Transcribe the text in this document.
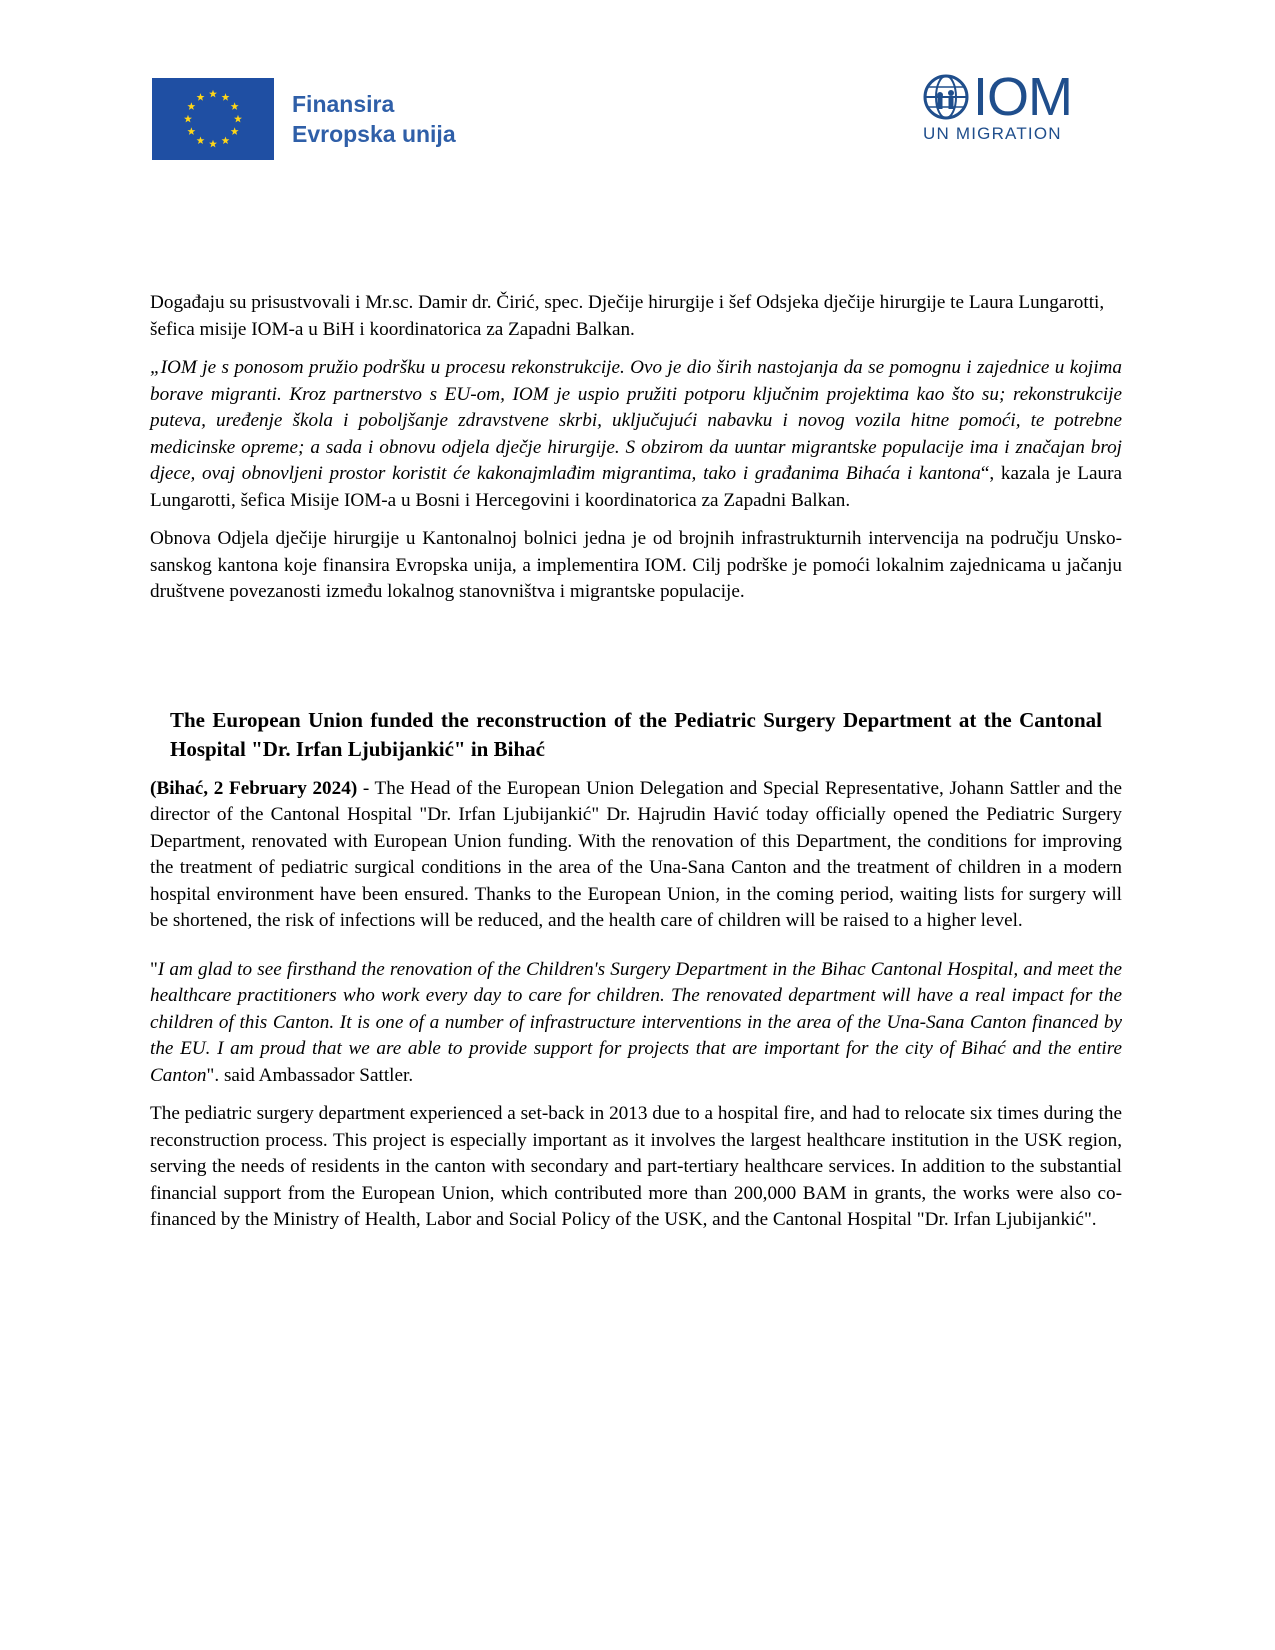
Finansira
Evropska unija
IOM
UN MIGRATION

Događaju su prisustvovali i Mr.sc. Damir dr. Čirić, spec. Dječije hirurgije i šef Odsjeka dječije hirurgije te Laura Lungarotti, šefica misije IOM-a u BiH i koordinatorica za Zapadni Balkan.

„IOM je s ponosom pružio podršku u procesu rekonstrukcije. Ovo je dio širih nastojanja da se pomognu i zajednice u kojima borave migranti. Kroz partnerstvo s EU-om, IOM je uspio pružiti potporu ključnim projektima kao što su; rekonstrukcije puteva, uređenje škola i poboljšanje zdravstvene skrbi, uključujući nabavku i novog vozila hitne pomoći, te potrebne medicinske opreme; a sada i obnovu odjela dječje hirurgije. S obzirom da uuntar migrantske populacije ima i značajan broj djece, ovaj obnovljeni prostor koristit će kakonajmlađim migrantima, tako i građanima Bihaća i kantona“, kazala je Laura Lungarotti, šefica Misije IOM-a u Bosni i Hercegovini i koordinatorica za Zapadni Balkan.

Obnova Odjela dječije hirurgije u Kantonalnoj bolnici jedna je od brojnih infrastrukturnih intervencija na području Unsko-sanskog kantona koje finansira Evropska unija, a implementira IOM. Cilj podrške je pomoći lokalnim zajednicama u jačanju društvene povezanosti između lokalnog stanovništva i migrantske populacije.

The European Union funded the reconstruction of the Pediatric Surgery Department at the Cantonal Hospital "Dr. Irfan Ljubijankić" in Bihać

(Bihać, 2 February 2024) - The Head of the European Union Delegation and Special Representative, Johann Sattler and the director of the Cantonal Hospital "Dr. Irfan Ljubijankić" Dr. Hajrudin Havić today officially opened the Pediatric Surgery Department, renovated with European Union funding. With the renovation of this Department, the conditions for improving the treatment of pediatric surgical conditions in the area of the Una-Sana Canton and the treatment of children in a modern hospital environment have been ensured. Thanks to the European Union, in the coming period, waiting lists for surgery will be shortened, the risk of infections will be reduced, and the health care of children will be raised to a higher level.

"I am glad to see firsthand the renovation of the Children's Surgery Department in the Bihac Cantonal Hospital, and meet the healthcare practitioners who work every day to care for children. The renovated department will have a real impact for the children of this Canton. It is one of a number of infrastructure interventions in the area of the Una-Sana Canton financed by the EU. I am proud that we are able to provide support for projects that are important for the city of Bihać and the entire Canton". said Ambassador Sattler.

The pediatric surgery department experienced a set-back in 2013 due to a hospital fire, and had to relocate six times during the reconstruction process. This project is especially important as it involves the largest healthcare institution in the USK region, serving the needs of residents in the canton with secondary and part-tertiary healthcare services. In addition to the substantial financial support from the European Union, which contributed more than 200,000 BAM in grants, the works were also co-financed by the Ministry of Health, Labor and Social Policy of the USK, and the Cantonal Hospital "Dr. Irfan Ljubijankić".
